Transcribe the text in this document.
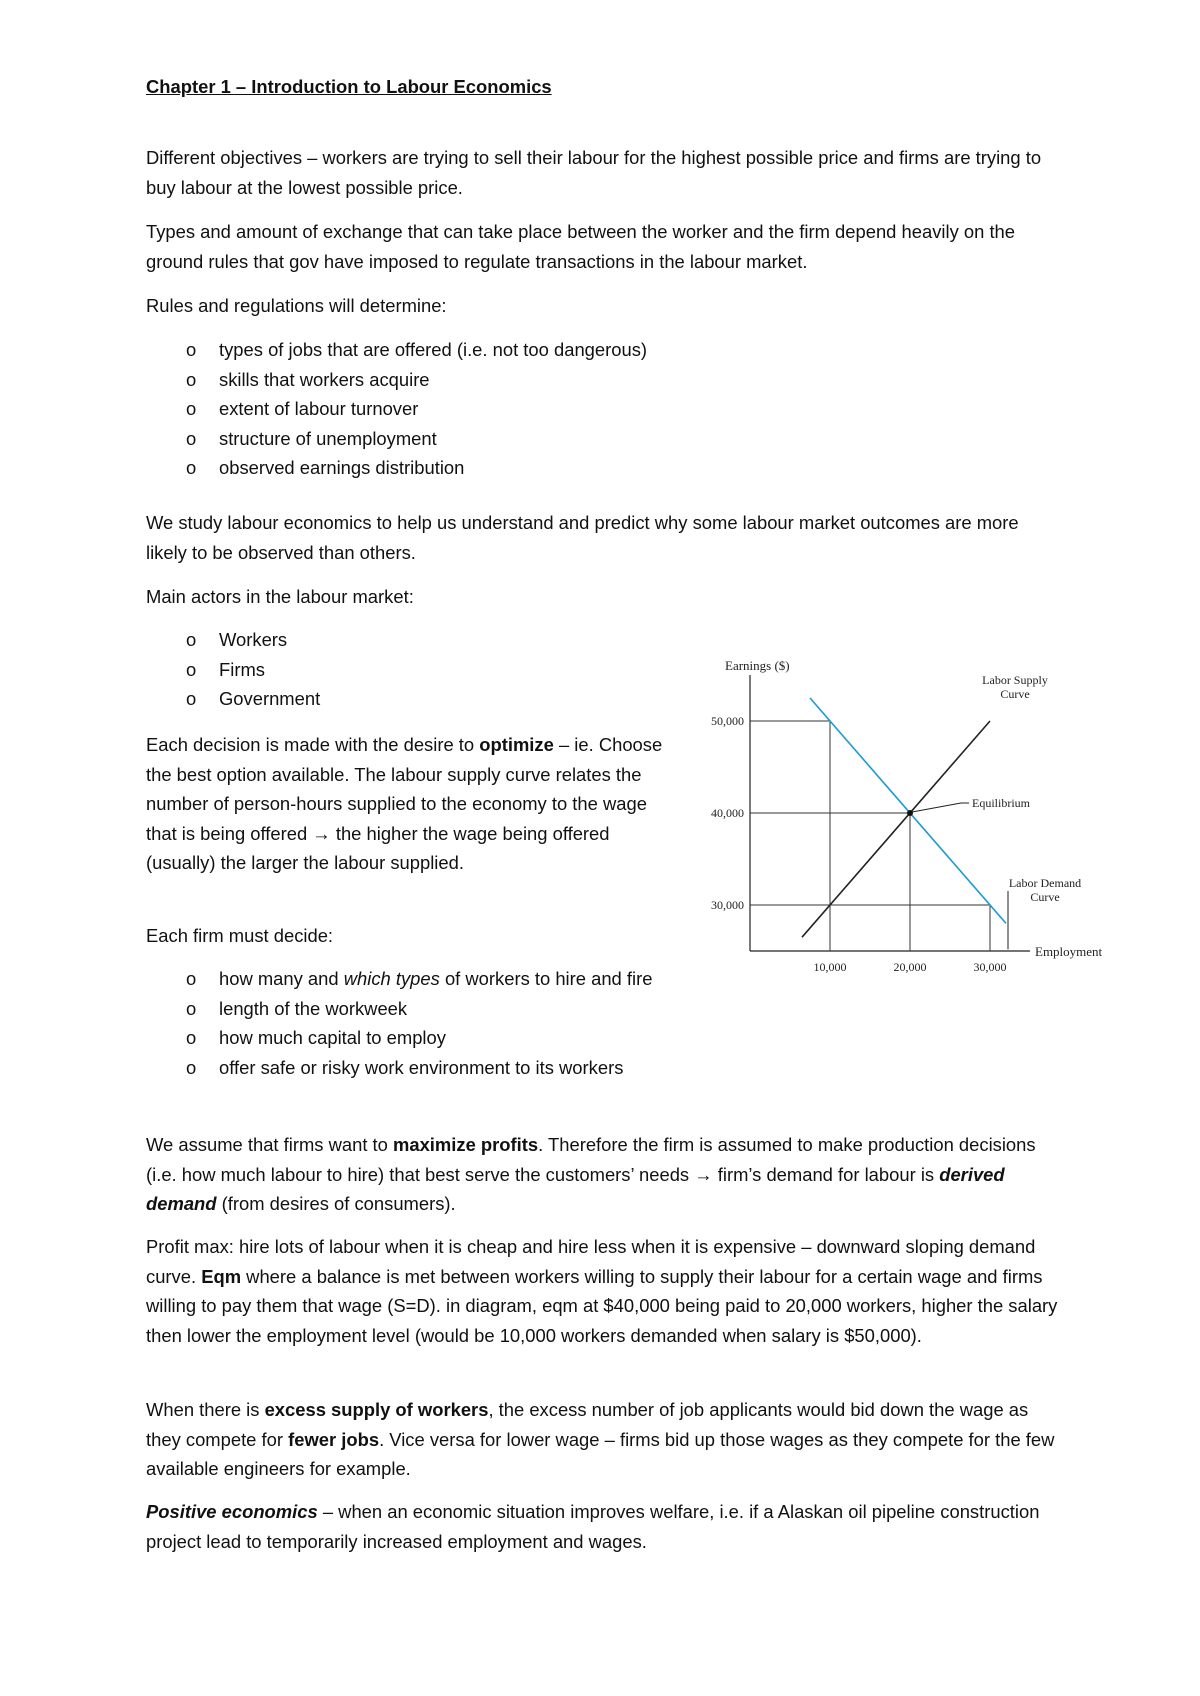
Chapter 1 – Introduction to Labour Economics

Different objectives – workers are trying to sell their labour for the highest possible price and firms are trying to buy labour at the lowest possible price.

Types and amount of exchange that can take place between the worker and the firm depend heavily on the ground rules that gov have imposed to regulate transactions in the labour market.

Rules and regulations will determine:

o types of jobs that are offered (i.e. not too dangerous)
o skills that workers acquire
o extent of labour turnover
o structure of unemployment
o observed earnings distribution

We study labour economics to help us understand and predict why some labour market outcomes are more likely to be observed than others.

Main actors in the labour market:

o Workers
o Firms
o Government

Each decision is made with the desire to optimize – ie. Choose the best option available. The labour supply curve relates the number of person-hours supplied to the economy to the wage that is being offered → the higher the wage being offered (usually) the larger the labour supplied.

Each firm must decide:

o how many and which types of workers to hire and fire
o length of the workweek
o how much capital to employ
o offer safe or risky work environment to its workers

We assume that firms want to maximize profits. Therefore the firm is assumed to make production decisions (i.e. how much labour to hire) that best serve the customers’ needs → firm’s demand for labour is derived demand (from desires of consumers).

Profit max: hire lots of labour when it is cheap and hire less when it is expensive – downward sloping demand curve. Eqm where a balance is met between workers willing to supply their labour for a certain wage and firms willing to pay them that wage (S=D). in diagram, eqm at $40,000 being paid to 20,000 workers, higher the salary then lower the employment level (would be 10,000 workers demanded when salary is $50,000).

When there is excess supply of workers, the excess number of job applicants would bid down the wage as they compete for fewer jobs. Vice versa for lower wage – firms bid up those wages as they compete for the few available engineers for example.

Positive economics – when an economic situation improves welfare, i.e. if a Alaskan oil pipeline construction project lead to temporarily increased employment and wages.

Earnings ($)
Employment
10,000	20,000	30,000
30,000
40,000
50,000
Labor Supply
Curve
Labor Demand
Curve
Equilibrium
